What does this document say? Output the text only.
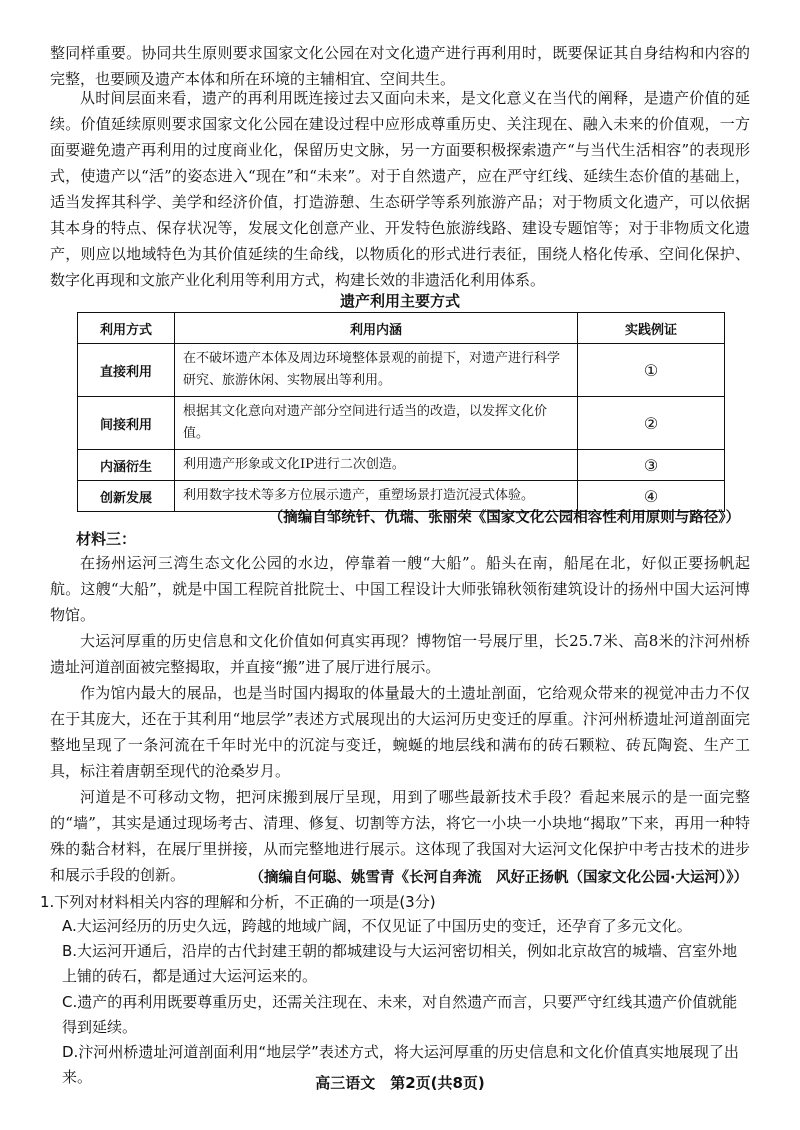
整同样重要。协同共生原则要求国家文化公园在对文化遗产进行再利用时，既要保证其自身结构和内容的完整，也要顾及遗产本体和所在环境的主辅相宜、空间共生。

从时间层面来看，遗产的再利用既连接过去又面向未来，是文化意义在当代的阐释，是遗产价值的延续。价值延续原则要求国家文化公园在建设过程中应形成尊重历史、关注现在、融入未来的价值观，一方面要避免遗产再利用的过度商业化，保留历史文脉，另一方面要积极探索遗产“与当代生活相容”的表现形式，使遗产以“活”的姿态进入“现在”和“未来”。对于自然遗产，应在严守红线、延续生态价值的基础上，适当发挥其科学、美学和经济价值，打造游憩、生态研学等系列旅游产品；对于物质文化遗产，可以依据其本身的特点、保存状况等，发展文化创意产业、开发特色旅游线路、建设专题馆等；对于非物质文化遗产，则应以地域特色为其价值延续的生命线，以物质化的形式进行表征，围绕人格化传承、空间化保护、数字化再现和文旅产业化利用等利用方式，构建长效的非遗活化利用体系。

遗产利用主要方式
利用方式	利用内涵	实践例证
直接利用	在不破坏遗产本体及周边环境整体景观的前提下，对遗产进行科学研究、旅游休闲、实物展出等利用。	①
间接利用	根据其文化意向对遗产部分空间进行适当的改造，以发挥文化价值。	②
内涵衍生	利用遗产形象或文化IP进行二次创造。	③
创新发展	利用数字技术等多方位展示遗产，重塑场景打造沉浸式体验。	④
（摘编自邹统钎、仇瑞、张丽荣《国家文化公园相容性利用原则与路径》）
材料三：

在扬州运河三湾生态文化公园的水边，停靠着一艘“大船”。船头在南，船尾在北，好似正要扬帆起航。这艘“大船”，就是中国工程院首批院士、中国工程设计大师张锦秋领衔建筑设计的扬州中国大运河博物馆。

大运河厚重的历史信息和文化价值如何真实再现？博物馆一号展厅里，长25.7米、高8米的汴河州桥遗址河道剖面被完整揭取，并直接“搬”进了展厅进行展示。

作为馆内最大的展品，也是当时国内揭取的体量最大的土遗址剖面，它给观众带来的视觉冲击力不仅在于其庞大，还在于其利用“地层学”表述方式展现出的大运河历史变迁的厚重。汴河州桥遗址河道剖面完整地呈现了一条河流在千年时光中的沉淀与变迁，蜿蜒的地层线和满布的砖石颗粒、砖瓦陶瓷、生产工具，标注着唐朝至现代的沧桑岁月。

河道是不可移动文物，把河床搬到展厅呈现，用到了哪些最新技术手段？看起来展示的是一面完整的“墙”，其实是通过现场考古、清理、修复、切割等方法，将它一小块一小块地“揭取”下来，再用一种特殊的黏合材料，在展厅里拼接，从而完整地进行展示。这体现了我国对大运河文化保护中考古技术的进步和展示手段的创新。	（摘编自何聪、姚雪青《长河自奔流　风好正扬帆（国家文化公园·大运河）》）
1.下列对材料相关内容的理解和分析，不正确的一项是(3分)
A.大运河经历的历史久远，跨越的地域广阔，不仅见证了中国历史的变迁，还孕育了多元文化。
B.大运河开通后，沿岸的古代封建王朝的都城建设与大运河密切相关，例如北京故宫的城墙、宫室外地上铺的砖石，都是通过大运河运来的。
C.遗产的再利用既要尊重历史，还需关注现在、未来，对自然遗产而言，只要严守红线其遗产价值就能得到延续。
D.汴河州桥遗址河道剖面利用“地层学”表述方式，将大运河厚重的历史信息和文化价值真实地展现了出来。	高三语文　第2页(共8页)
